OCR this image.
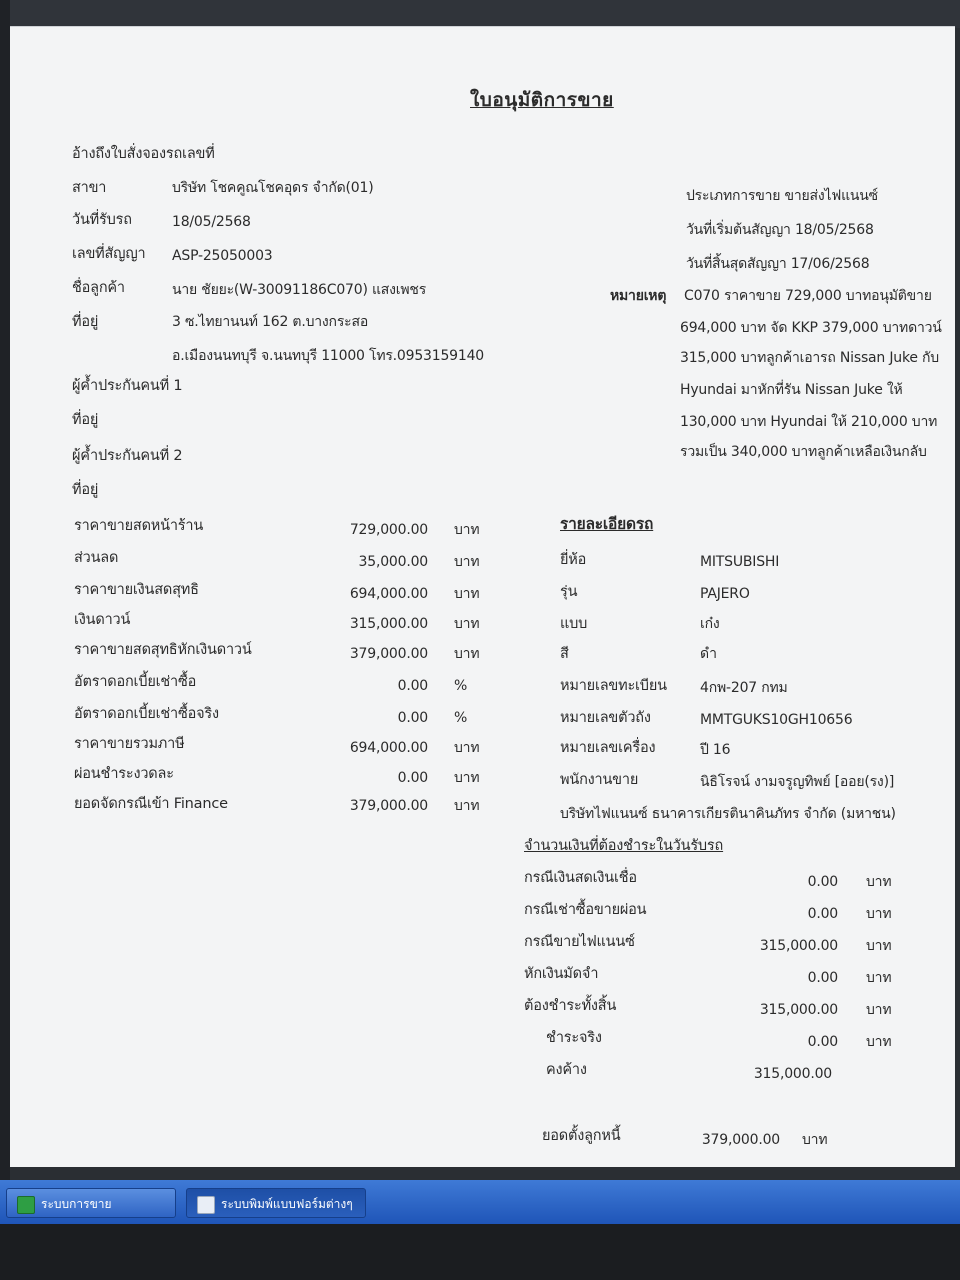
ใบอนุมัติการขาย
อ้างถึงใบสั่งจองรถเลขที่
สาขา	บริษัท โชคคูณโชคอุดร จำกัด(01)
วันที่รับรถ	18/05/2568
เลขที่สัญญา ASP-25050003
ชื่อลูกค้า	นาย ชัยยะ(W-30091186C070) แสงเพชร
ที่อยู่	3 ซ.ไทยานนท์ 162 ต.บางกระสอ
อ.เมืองนนทบุรี จ.นนทบุรี 11000 โทร.0953159140
ผู้ค้ำประกันคนที่ 1
ที่อยู่
ผู้ค้ำประกันคนที่ 2
ที่อยู่
ประเภทการขาย ขายส่งไฟแนนซ์
วันที่เริ่มต้นสัญญา 18/05/2568
วันที่สิ้นสุดสัญญา 17/06/2568
หมายเหตุ C070 ราคาขาย 729,000 บาทอนุมัติขาย
694,000 บาท จัด KKP 379,000 บาทดาวน์
315,000 บาทลูกค้าเอารถ Nissan Juke กับ
Hyundai มาหักที่รัน Nissan Juke ให้
130,000 บาท Hyundai ให้ 210,000 บาท
รวมเป็น 340,000 บาทลูกค้าเหลือเงินกลับ
ราคาขายสดหน้าร้าน	729,000.00 บาท
ส่วนลด	35,000.00 บาท
ราคาขายเงินสดสุทธิ	694,000.00 บาท
เงินดาวน์	315,000.00 บาท
ราคาขายสดสุทธิหักเงินดาวน์	379,000.00 บาท
อัตราดอกเบี้ยเช่าซื้อ	0.00 %
อัตราดอกเบี้ยเช่าซื้อจริง	0.00 %
ราคาขายรวมภาษี	694,000.00 บาท
ผ่อนชำระงวดละ	0.00 บาท
ยอดจัดกรณีเข้า Finance	379,000.00 บาท
รายละเอียดรถ
ยี่ห้อ	MITSUBISHI
รุ่น	PAJERO
แบบ	เก๋ง
สี	ดำ
หมายเลขทะเบียน 4กพ-207 กทม
หมายเลขตัวถัง	MMTGUKS10GH10656
หมายเลขเครื่อง	ปี 16
พนักงานขาย	นิธิโรจน์ งามจรูญทิพย์ [ออย(รง)]
บริษัทไฟแนนซ์ ธนาคารเกียรตินาคินภัทร จำกัด (มหาชน)
จำนวนเงินที่ต้องชำระในวันรับรถ
กรณีเงินสดเงินเชื่อ	0.00 บาท
กรณีเช่าซื้อขายผ่อน	0.00 บาท
กรณีขายไฟแนนซ์	315,000.00 บาท
หักเงินมัดจำ	0.00 บาท
ต้องชำระทั้งสิ้น	315,000.00 บาท
ชำระจริง	0.00 บาท
คงค้าง	315,000.00
ยอดตั้งลูกหนี้	379,000.00 บาท
ระบบการขาย	ระบบพิมพ์แบบฟอร์มต่างๆ
